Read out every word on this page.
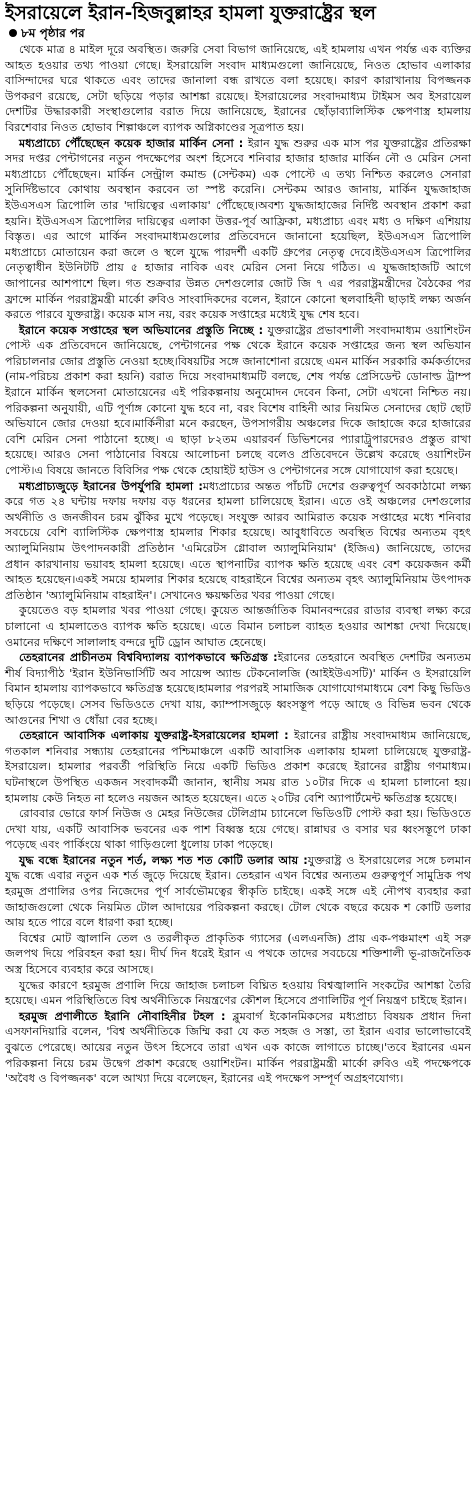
ইসরায়েলে ইরান-হিজবুল্লাহর হামলা যুক্তরাষ্ট্রের স্থল
৮ম পৃষ্ঠার পর

থেকে মাত্র ৪ মাইল দূরে অবস্থিত। জরুরি সেবা বিভাগ জানিয়েছে, এই হামলায় এখন পর্যন্ত এক ব্যক্তির আহত হওয়ার তথ্য পাওয়া গেছে। ইসরায়েলি সংবাদ মাধ্যমগুলো জানিয়েছে, নিওত হোভাব এলাকার বাসিন্দাদের ঘরে থাকতে এবং তাদের জানালা বন্ধ রাখতে বলা হয়েছে। কারণ কারাখানায় বিপজ্জনক উপকরণ রয়েছে, সেটা ছড়িয়ে পড়ার আশঙ্কা রয়েছে। ইসরায়েলের সংবাদমাধ্যম টাইমস অব ইসরায়েল দেশটির উদ্ধারকারী সংস্থাগুলোর বরাত দিয়ে জানিয়েছে, ইরানের ছোঁড়াব্যালিস্টিক ক্ষেপণাস্ত্র হামলায় বিরশেবার নিওত হোভাব শিল্পাঞ্চলে ব্যাপক অগ্নিকাণ্ডের সূত্রপাত হয়।

মধ্যপ্রাচ্যে পৌঁছেছেন কয়েক হাজার মার্কিন সেনা : ইরান যুদ্ধ শুরুর এক মাস পর যুক্তরাষ্ট্রের প্রতিরক্ষা সদর দপ্তর পেন্টাগনের নতুন পদক্ষেপের অংশ হিসেবে শনিবার হাজার হাজার মার্কিন নৌ ও মেরিন সেনা মধ্যপ্রাচ্যে পৌঁছেছেন। মার্কিন সেন্ট্রাল কমান্ড (সেন্টকম) এক পোস্টে এ তথ্য নিশ্চিত করলেও সেনারা সুনির্দিষ্টভাবে কোথায় অবস্থান করবেন তা স্পষ্ট করেনি। সেন্টকম আরও জানায়, মার্কিন যুদ্ধজাহাজ ইউএসএস ত্রিপোলি তার 'দায়িত্বের এলাকায়' পৌঁছেছে।অবশ্য যুদ্ধজাহাজের নির্দিষ্ট অবস্থান প্রকাশ করা হয়নি। ইউএসএস ত্রিপোলির দায়িত্বের এলাকা উত্তর-পূর্ব আফ্রিকা, মধ্যপ্রাচ্য এবং মধ্য ও দক্ষিণ এশিয়ায় বিস্তৃত। এর আগে মার্কিন সংবাদমাধ্যমগুলোর প্রতিবেদনে জানানো হয়েছিল, ইউএসএস ত্রিপোলি মধ্যপ্রাচ্যে মোতায়েন করা জলে ও স্থলে যুদ্ধে পারদর্শী একটি গ্রুপের নেতৃত্ব দেবে।ইউএসএস ত্রিপোলির নেতৃত্বাধীন ইউনিটটি প্রায় ৫ হাজার নাবিক এবং মেরিন সেনা নিয়ে গঠিত। এ যুদ্ধজাহাজটি আগে জাপানের আশপাশে ছিল। গত শুক্রবার উন্নত দেশগুলোর জোট জি ৭ এর পররাষ্ট্রমন্ত্রীদের বৈঠকের পর ফ্রান্সে মার্কিন পররাষ্ট্রমন্ত্রী মার্কো রুবিও সাংবাদিকদের বলেন, ইরানে কোনো স্থলবাহিনী ছাড়াই লক্ষ্য অর্জন করতে পারবে যুক্তরাষ্ট্র। কয়েক মাস নয়, বরং কয়েক সপ্তাহের মধ্যেই যুদ্ধ শেষ হবে।

ইরানে কয়েক সপ্তাহের স্থল অভিযানের প্রস্তুতি নিচ্ছে : যুক্তরাষ্ট্রের প্রভাবশালী সংবাদমাধ্যম ওয়াশিংটন পোস্ট এক প্রতিবেদনে জানিয়েছে, পেন্টাগনের পক্ষ থেকে ইরানে কয়েক সপ্তাহের জন্য স্থল অভিযান পরিচালনার জোর প্রস্তুতি নেওয়া হচ্ছে।বিষয়টির সঙ্গে জানাশোনা রয়েছে এমন মার্কিন সরকারি কর্মকর্তাদের (নাম-পরিচয় প্রকাশ করা হয়নি) বরাত দিয়ে সংবাদমাধ্যমটি বলছে, শেষ পর্যন্ত প্রেসিডেন্ট ডোনাল্ড ট্রাম্প ইরানে মার্কিন স্থলসেনা মোতায়েনের এই পরিকল্পনায় অনুমোদন দেবেন কিনা, সেটা এখনো নিশ্চিত নয়। পরিকল্পনা অনুযায়ী, এটি পূর্ণাঙ্গ কোনো যুদ্ধ হবে না, বরং বিশেষ বাহিনী আর নিয়মিত সেনাদের ছোট ছোট অভিযানে জোর দেওয়া হবে।মার্কিনীরা মনে করছেন, উপসাগরীয় অঞ্চলের দিকে জাহাজে করে হাজারের বেশি মেরিন সেনা পাঠানো হচ্ছে। এ ছাড়া ৮২তম এয়ারবর্ন ডিভিশনের প্যারাট্রুপারদেরও প্রস্তুত রাখা হয়েছে। আরও সেনা পাঠানোর বিষয়ে আলোচনা চলছে বলেও প্রতিবেদনে উল্লেখ করেছে ওয়াশিংটন পোস্ট।এ বিষয়ে জানতে বিবিসির পক্ষ থেকে হোয়াইট হাউস ও পেন্টাগনের সঙ্গে যোগাযোগ করা হয়েছে।

মধ্যপ্রাচ্যজুড়ে ইরানের উপর্যুপরি হামলা :মধ্যপ্রাচ্যের অন্তত পাঁচটি দেশের গুরুত্বপূর্ণ অবকাঠামো লক্ষ্য করে গত ২৪ ঘন্টায় দফায় দফায় বড় ধরনের হামলা চালিয়েছে ইরান। এতে ওই অঞ্চলের দেশগুলোর অর্থনীতি ও জনজীবন চরম ঝুঁকির মুখে পড়েছে। সংযুক্ত আরব আমিরাত কয়েক সপ্তাহের মধ্যে শনিবার সবচেয়ে বেশি ব্যালিস্টিক ক্ষেপণাস্ত্র হামলার শিকার হয়েছে। আবুধাবিতে অবস্থিত বিশ্বের অন্যতম বৃহৎ অ্যালুমিনিয়াম উৎপাদনকারী প্রতিষ্ঠান 'এমিরেটস গ্লোবাল অ্যালুমিনিয়াম' (ইজিএ) জানিয়েছে, তাদের প্রধান কারখানায় ভয়াবহ হামলা হয়েছে। এতে স্থাপনাটির ব্যাপক ক্ষতি হয়েছে এবং বেশ কয়েকজন কর্মী আহত হয়েছেন।একই সময়ে হামলার শিকার হয়েছে বাহরাইনে বিশ্বের অন্যতম বৃহৎ অ্যালুমিনিয়াম উৎপাদক প্রতিষ্ঠান 'অ্যালুমিনিয়াম বাহরাইন'। সেখানেও ক্ষয়ক্ষতির খবর পাওয়া গেছে।

কুয়েতেও বড় হামলার খবর পাওয়া গেছে। কুয়েত আন্তর্জাতিক বিমানবন্দরের রাডার ব্যবস্থা লক্ষ্য করে চালানো এ হামলাতেও ব্যাপক ক্ষতি হয়েছে। এতে বিমান চলাচল ব্যাহত হওয়ার আশঙ্কা দেখা দিয়েছে।ওমানের দক্ষিণে সালালাহ বন্দরে দুটি ড্রোন আঘাত হেনেছে।

তেহরানের প্রাচীনতম বিশ্ববিদ্যালয় ব্যাপকভাবে ক্ষতিগ্রস্ত :ইরানের তেহরানে অবস্থিত দেশটির অন্যতম শীর্ষ বিদ্যাপীঠ 'ইরান ইউনিভার্সিটি অব সায়েন্স অ্যান্ড টেকনোলজি (আইইউএসটি)' মার্কিন ও ইসরায়েলি বিমান হামলায় ব্যাপকভাবে ক্ষতিগ্রস্ত হয়েছে।হামলার পরপরই সামাজিক যোগাযোগমাধ্যমে বেশ কিছু ভিডিও ছড়িয়ে পড়েছে। সেসব ভিডিওতে দেখা যায়, ক্যাম্পাসজুড়ে ধ্বংসস্তূপ পড়ে আছে ও বিভিন্ন ভবন থেকে আগুনের শিখা ও ধোঁয়া বের হচ্ছে।

তেহরানে আবাসিক এলাকায় যুক্তরাষ্ট্র-ইসরায়েলের হামলা : ইরানের রাষ্ট্রীয় সংবাদমাধ্যম জানিয়েছে, গতকাল শনিবার সন্ধ্যায় তেহরানের পশ্চিমাঞ্চলে একটি আবাসিক এলাকায় হামলা চালিয়েছে যুক্তরাষ্ট্র-ইসরায়েল। হামলার পরবর্তী পরিস্থিতি নিয়ে একটি ভিডিও প্রকাশ করেছে ইরানের রাষ্ট্রীয় গণমাধ্যম।ঘটনাস্থলে উপস্থিত একজন সংবাদকর্মী জানান, স্থানীয় সময় রাত ১০টার দিকে এ হামলা চালানো হয়। হামলায় কেউ নিহত না হলেও নয়জন আহত হয়েছেন। এতে ২০টির বেশি অ্যাপার্টমেন্ট ক্ষতিগ্রস্ত হয়েছে।

রোববার ভোরে ফার্স নিউজ ও মেহর নিউজের টেলিগ্রাম চ্যানেলে ভিডিওটি পোস্ট করা হয়। ভিডিওতে দেখা যায়, একটি আবাসিক ভবনের এক পাশ বিধ্বস্ত হয়ে গেছে। রান্নাঘর ও বসার ঘর ধ্বংসস্তূপে ঢাকা পড়েছে এবং পার্কিংয়ে থাকা গাড়িগুলো ধুলোয় ঢাকা পড়েছে।

যুদ্ধ বন্ধে ইরানের নতুন শর্ত, লক্ষ্য শত শত কোটি ডলার আয় :যুক্তরাষ্ট্র ও ইসরায়েলের সঙ্গে চলমান যুদ্ধ বন্ধে এবার নতুন এক শর্ত জুড়ে দিয়েছে ইরান। তেহরান এখন বিশ্বের অন্যতম গুরুত্বপূর্ণ সামুদ্রিক পথ হরমুজ প্রণালির ওপর নিজেদের পূর্ণ সার্বভৌমত্বের স্বীকৃতি চাইছে। একই সঙ্গে এই নৌপথ ব্যবহার করা জাহাজগুলো থেকে নিয়মিত টোল আদায়ের পরিকল্পনা করছে। টোল থেকে বছরে কয়েক শ কোটি ডলার আয় হতে পারে বলে ধারণা করা হচ্ছে।

বিশ্বের মোট জ্বালানি তেল ও তরলীকৃত প্রাকৃতিক গ্যাসের (এলএনজি) প্রায় এক-পঞ্চমাংশ এই সরু জলপথ দিয়ে পরিবহন করা হয়। দীর্ঘ দিন ধরেই ইরান এ পথকে তাদের সবচেয়ে শক্তিশালী ভূ-রাজনৈতিক অস্ত্র হিসেবে ব্যবহার করে আসছে।

যুদ্ধের কারণে হরমুজ প্রণালি দিয়ে জাহাজ চলাচল বিঘ্নিত হওয়ায় বিশ্বজ্বালানি সংকটের আশঙ্কা তৈরি হয়েছে। এমন পরিস্থিতিতে বিশ্ব অর্থনীতিকে নিয়ন্ত্রণের কৌশল হিসেবে প্রণালিটির পূর্ণ নিয়ন্ত্রণ চাইছে ইরান।

হরমুজ প্রণালীতে ইরানি নৌবাহিনীর টহল : ব্লুমবার্গ ইকোনমিকসের মধ্যপ্রাচ্য বিষয়ক প্রধান দিনা এসফানদিয়ারি বলেন, 'বিশ্ব অর্থনীতিকে জিম্মি করা যে কত সহজ ও সস্তা, তা ইরান এবার ভালোভাবেই বুঝতে পেরেছে। আয়ের নতুন উৎস হিসেবে তারা এখন এক কাজে লাগাতে চাচ্ছে।'তবে ইরানের এমন পরিকল্পনা নিয়ে চরম উদ্বেগ প্রকাশ করেছে ওয়াশিংটন। মার্কিন পররাষ্ট্রমন্ত্রী মার্কো রুবিও এই পদক্ষেপকে 'অবৈধ ও বিপজ্জনক' বলে আখ্যা দিয়ে বলেছেন, ইরানের এই পদক্ষেপ সম্পূর্ণ অগ্রহণযোগ্য।
